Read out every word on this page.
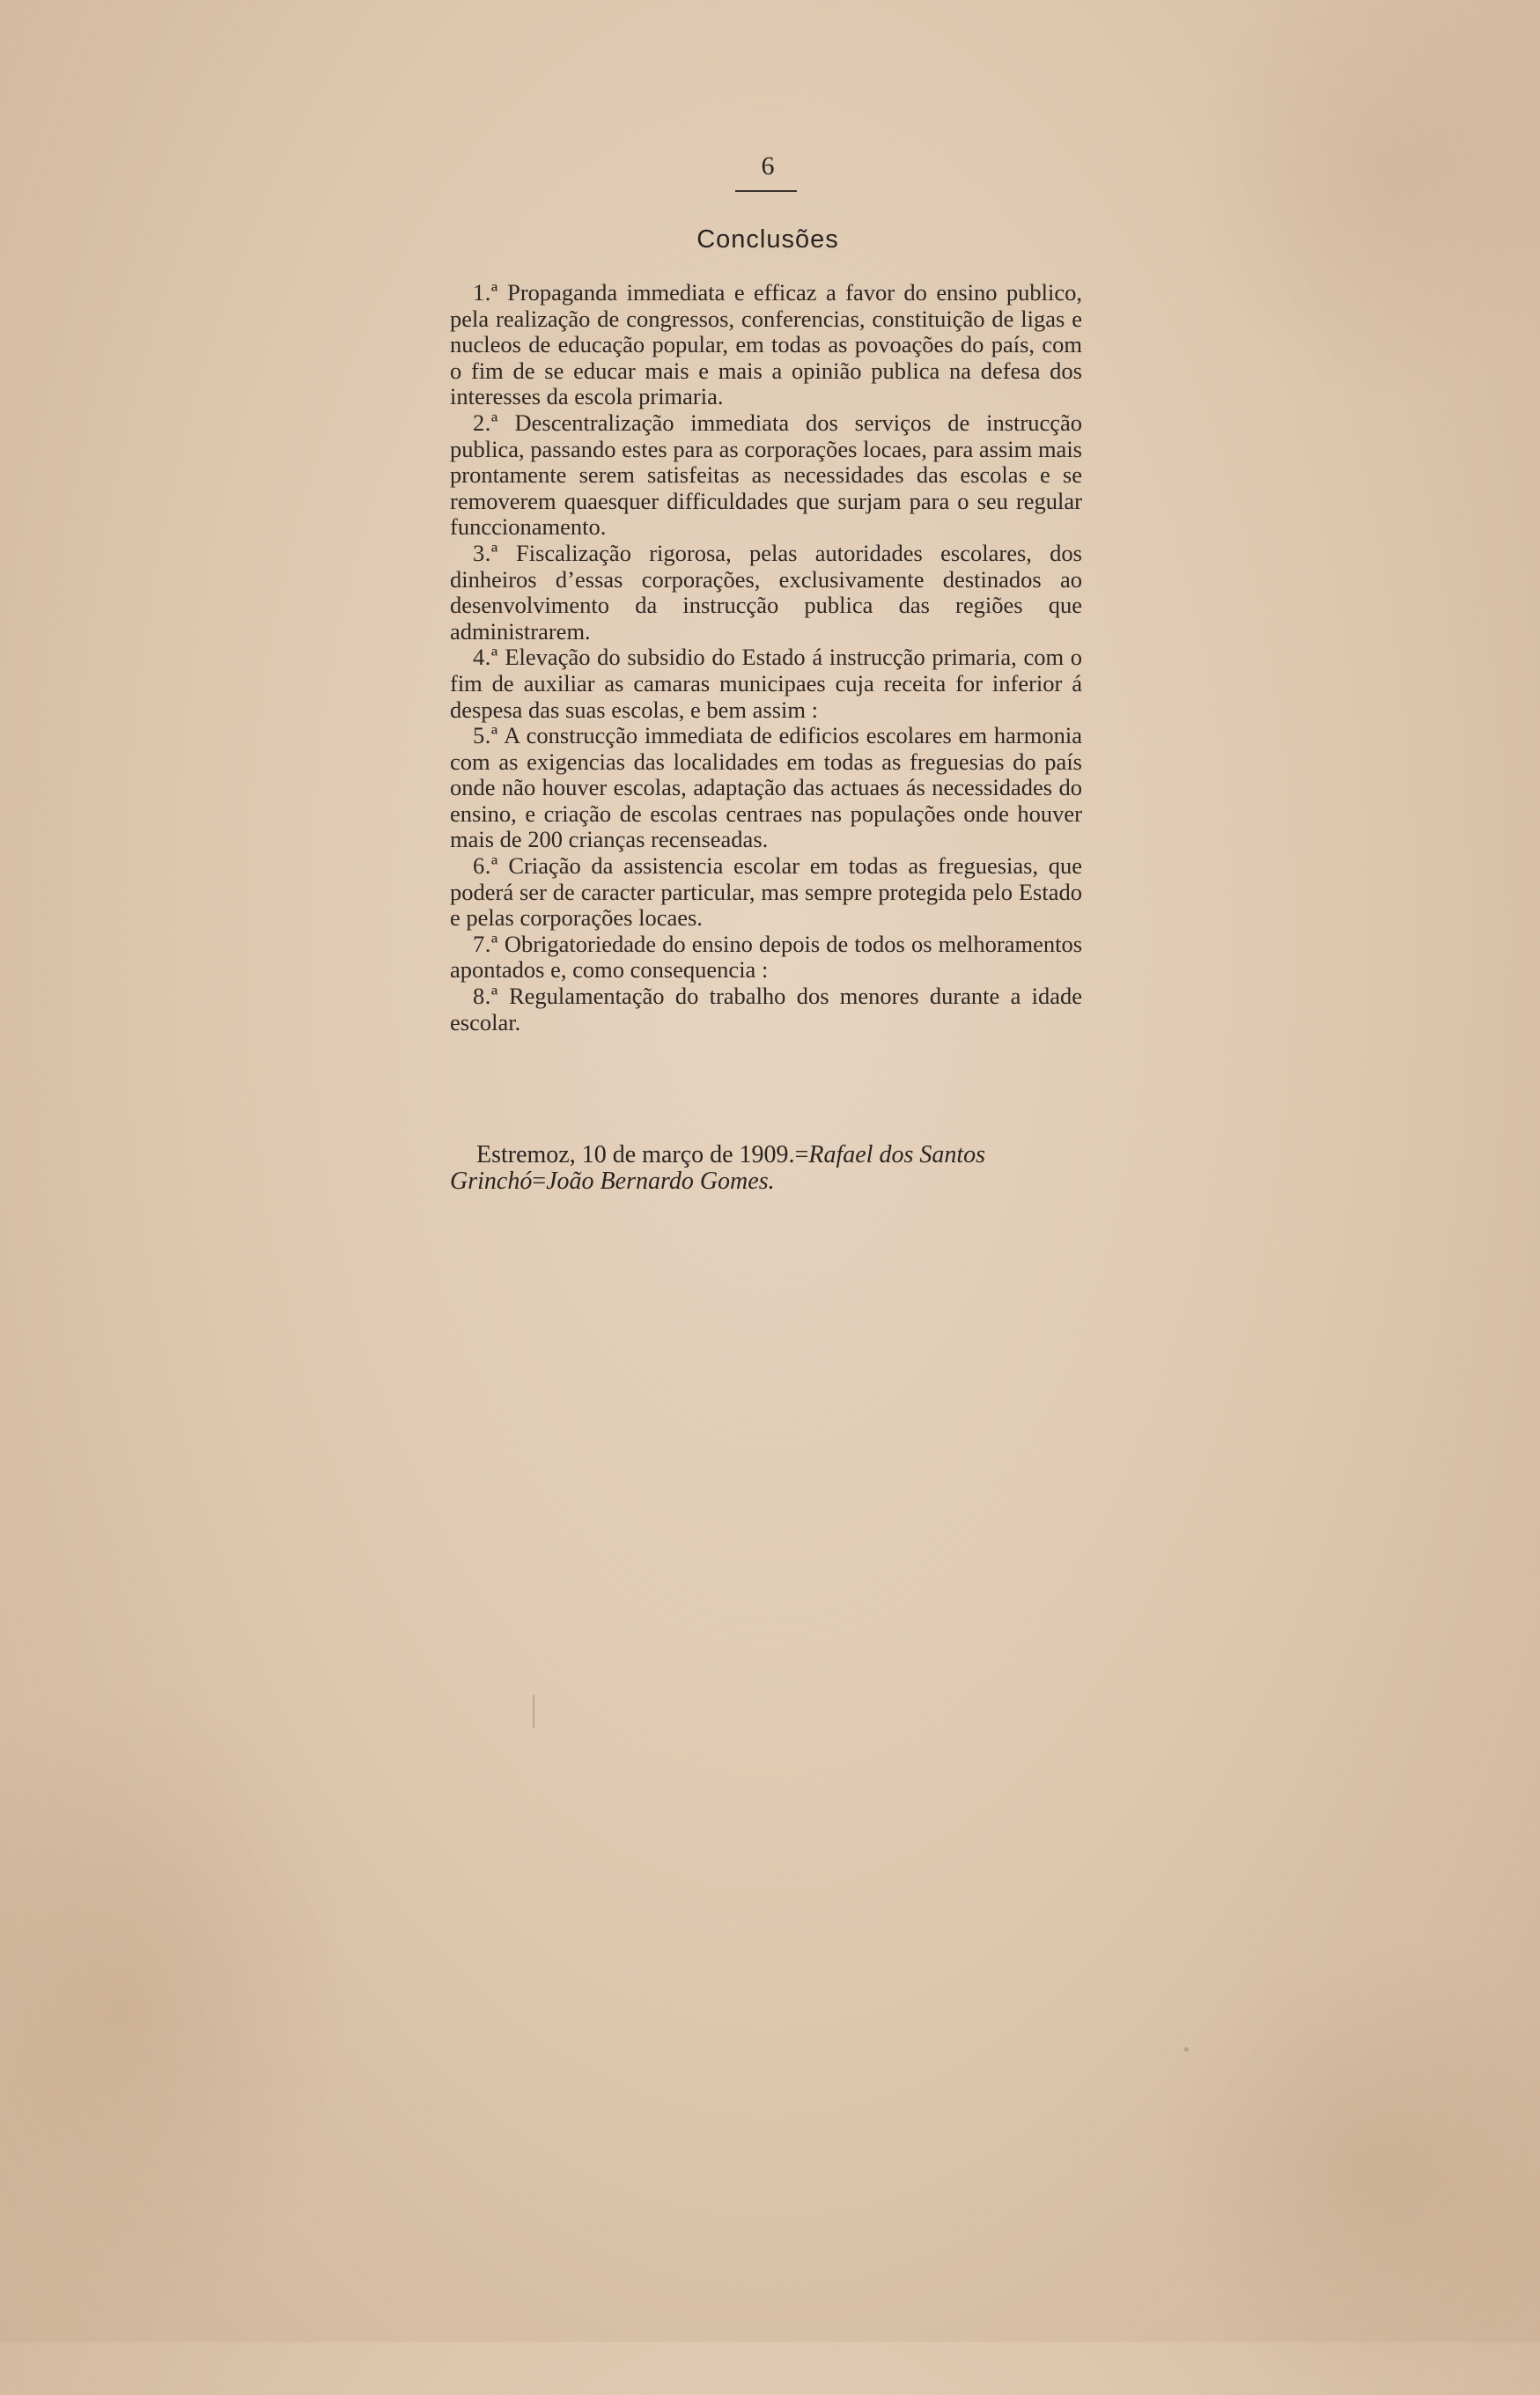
6
Conclusões

1.ª Propaganda immediata e efficaz a favor do ensino publico, pela realização de congressos, conferencias, constituição de ligas e nucleos de educação popular, em todas as povoações do país, com o fim de se educar mais e mais a opinião publica na defesa dos interesses da escola primaria.

2.ª Descentralização immediata dos serviços de instrucção publica, passando estes para as corporações locaes, para assim mais prontamente serem satisfeitas as necessidades das escolas e se removerem quaesquer difficuldades que surjam para o seu regular funccionamento.

3.ª Fiscalização rigorosa, pelas autoridades escolares, dos dinheiros d’essas corporações, exclusivamente destinados ao desenvolvimento da instrucção publica das regiões que administrarem.

4.ª Elevação do subsidio do Estado á instrucção primaria, com o fim de auxiliar as camaras municipaes cuja receita for inferior á despesa das suas escolas, e bem assim :

5.ª A construcção immediata de edificios escolares em harmonia com as exigencias das localidades em todas as freguesias do país onde não houver escolas, adaptação das actuaes ás necessidades do ensino, e criação de escolas centraes nas populações onde houver mais de 200 crianças recenseadas.

6.ª Criação da assistencia escolar em todas as freguesias, que poderá ser de caracter particular, mas sempre protegida pelo Estado e pelas corporações locaes.

7.ª Obrigatoriedade do ensino depois de todos os melhoramentos apontados e, como consequencia :

8.ª Regulamentação do trabalho dos menores durante a idade escolar.

Estremoz, 10 de março de 1909.=Rafael dos Santos Grinchó=João Bernardo Gomes.
